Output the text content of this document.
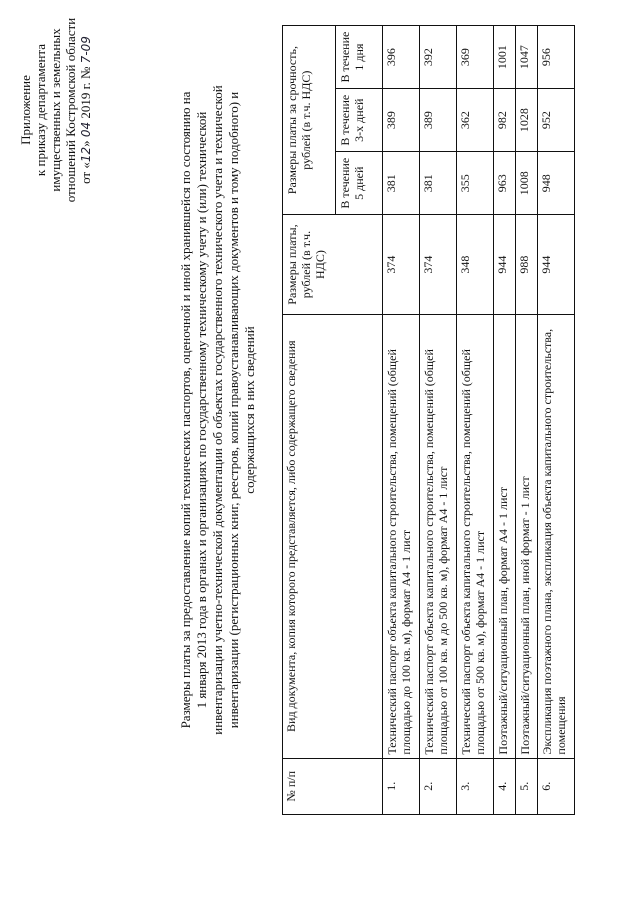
Приложение к приказу департамента имущественных и земельных отношений Костромской области от «12» 04 2019 г. № 7-09
Размеры платы за предоставление копий технических паспортов, оценочной и иной хранившейся по состоянию на 1 января 2013 года в органах и организациях по государственному техническому учету и (или) технической инвентаризации учетно-технической документации об объектах государственного технического учета и технической инвентаризации (регистрационных книг, реестров, копий правоустанавливающих документов и тому подобного) и содержащихся в них сведений
№ п/п	Вид документа, копия которого представляется, либо содержащего сведения	Размеры платы, рублей (в т.ч. НДС)	Размеры платы за срочность, рублей (в т.ч. НДС)		
			В течение 5 дней	В течение 3-х дней	В течение 1 дня
1.	Технический паспорт объекта капитального строительства, помещений (общей площадью до 100 кв. м), формат А4 - 1 лист	374	381	389	396
2.	Технический паспорт объекта капитального строительства, помещений (общей площадью от 100 кв. м до 500 кв. м), формат А4 - 1 лист	374	381	389	392
3.	Технический паспорт объекта капитального строительства, помещений (общей площадью от 500 кв. м), формат А4 - 1 лист	348	355	362	369
4.	Поэтажный/ситуационный план, формат А4 - 1 лист	944	963	982	1001
5.	Поэтажный/ситуационный план, иной формат - 1 лист	988	1008	1028	1047
6.	Экспликация поэтажного плана, экспликация объекта капитального строительства, помещения	944	948	952	956
